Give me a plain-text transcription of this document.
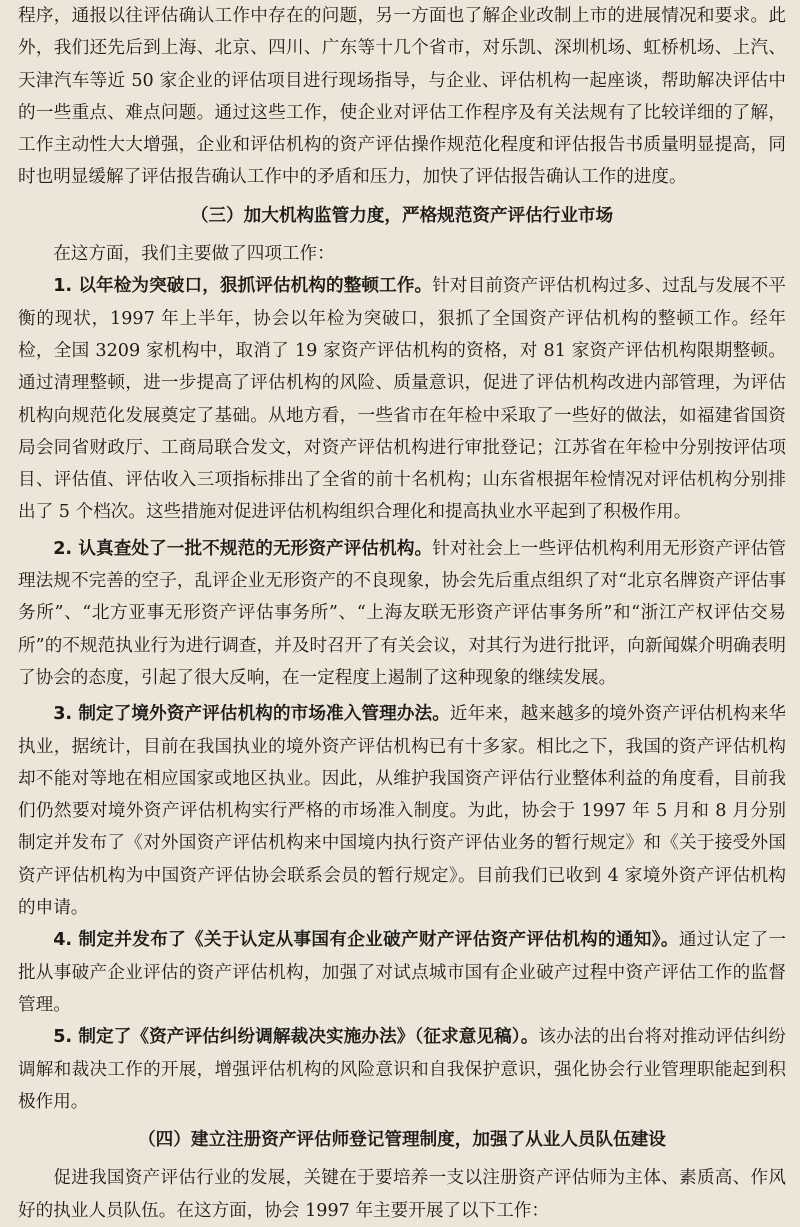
程序，通报以往评估确认工作中存在的问题，另一方面也了解企业改制上市的进展情况和要求。此外，我们还先后到上海、北京、四川、广东等十几个省市，对乐凯、深圳机场、虹桥机场、上汽、天津汽车等近 50 家企业的评估项目进行现场指导，与企业、评估机构一起座谈，帮助解决评估中的一些重点、难点问题。通过这些工作，使企业对评估工作程序及有关法规有了比较详细的了解，工作主动性大大增强，企业和评估机构的资产评估操作规范化程度和评估报告书质量明显提高，同时也明显缓解了评估报告确认工作中的矛盾和压力，加快了评估报告确认工作的进度。

（三）加大机构监管力度，严格规范资产评估行业市场

在这方面，我们主要做了四项工作：

1. 以年检为突破口，狠抓评估机构的整顿工作。针对目前资产评估机构过多、过乱与发展不平衡的现状，1997 年上半年，协会以年检为突破口，狠抓了全国资产评估机构的整顿工作。经年检，全国 3209 家机构中，取消了 19 家资产评估机构的资格，对 81 家资产评估机构限期整顿。通过清理整顿，进一步提高了评估机构的风险、质量意识，促进了评估机构改进内部管理，为评估机构向规范化发展奠定了基础。从地方看，一些省市在年检中采取了一些好的做法，如福建省国资局会同省财政厅、工商局联合发文，对资产评估机构进行审批登记；江苏省在年检中分别按评估项目、评估值、评估收入三项指标排出了全省的前十名机构；山东省根据年检情况对评估机构分别排出了 5 个档次。这些措施对促进评估机构组织合理化和提高执业水平起到了积极作用。

2. 认真查处了一批不规范的无形资产评估机构。针对社会上一些评估机构利用无形资产评估管理法规不完善的空子，乱评企业无形资产的不良现象，协会先后重点组织了对“北京名牌资产评估事务所”、“北方亚事无形资产评估事务所”、“上海友联无形资产评估事务所”和“浙江产权评估交易所”的不规范执业行为进行调查，并及时召开了有关会议，对其行为进行批评，向新闻媒介明确表明了协会的态度，引起了很大反响，在一定程度上遏制了这种现象的继续发展。

3. 制定了境外资产评估机构的市场准入管理办法。近年来，越来越多的境外资产评估机构来华执业，据统计，目前在我国执业的境外资产评估机构已有十多家。相比之下，我国的资产评估机构却不能对等地在相应国家或地区执业。因此，从维护我国资产评估行业整体利益的角度看，目前我们仍然要对境外资产评估机构实行严格的市场准入制度。为此，协会于 1997 年 5 月和 8 月分别制定并发布了《对外国资产评估机构来中国境内执行资产评估业务的暂行规定》和《关于接受外国资产评估机构为中国资产评估协会联系会员的暂行规定》。目前我们已收到 4 家境外资产评估机构的申请。

4. 制定并发布了《关于认定从事国有企业破产财产评估资产评估机构的通知》。通过认定了一批从事破产企业评估的资产评估机构，加强了对试点城市国有企业破产过程中资产评估工作的监督管理。

5. 制定了《资产评估纠纷调解裁决实施办法》（征求意见稿）。该办法的出台将对推动评估纠纷调解和裁决工作的开展，增强评估机构的风险意识和自我保护意识，强化协会行业管理职能起到积极作用。

（四）建立注册资产评估师登记管理制度，加强了从业人员队伍建设

促进我国资产评估行业的发展，关键在于要培养一支以注册资产评估师为主体、素质高、作风好的执业人员队伍。在这方面，协会 1997 年主要开展了以下工作：
